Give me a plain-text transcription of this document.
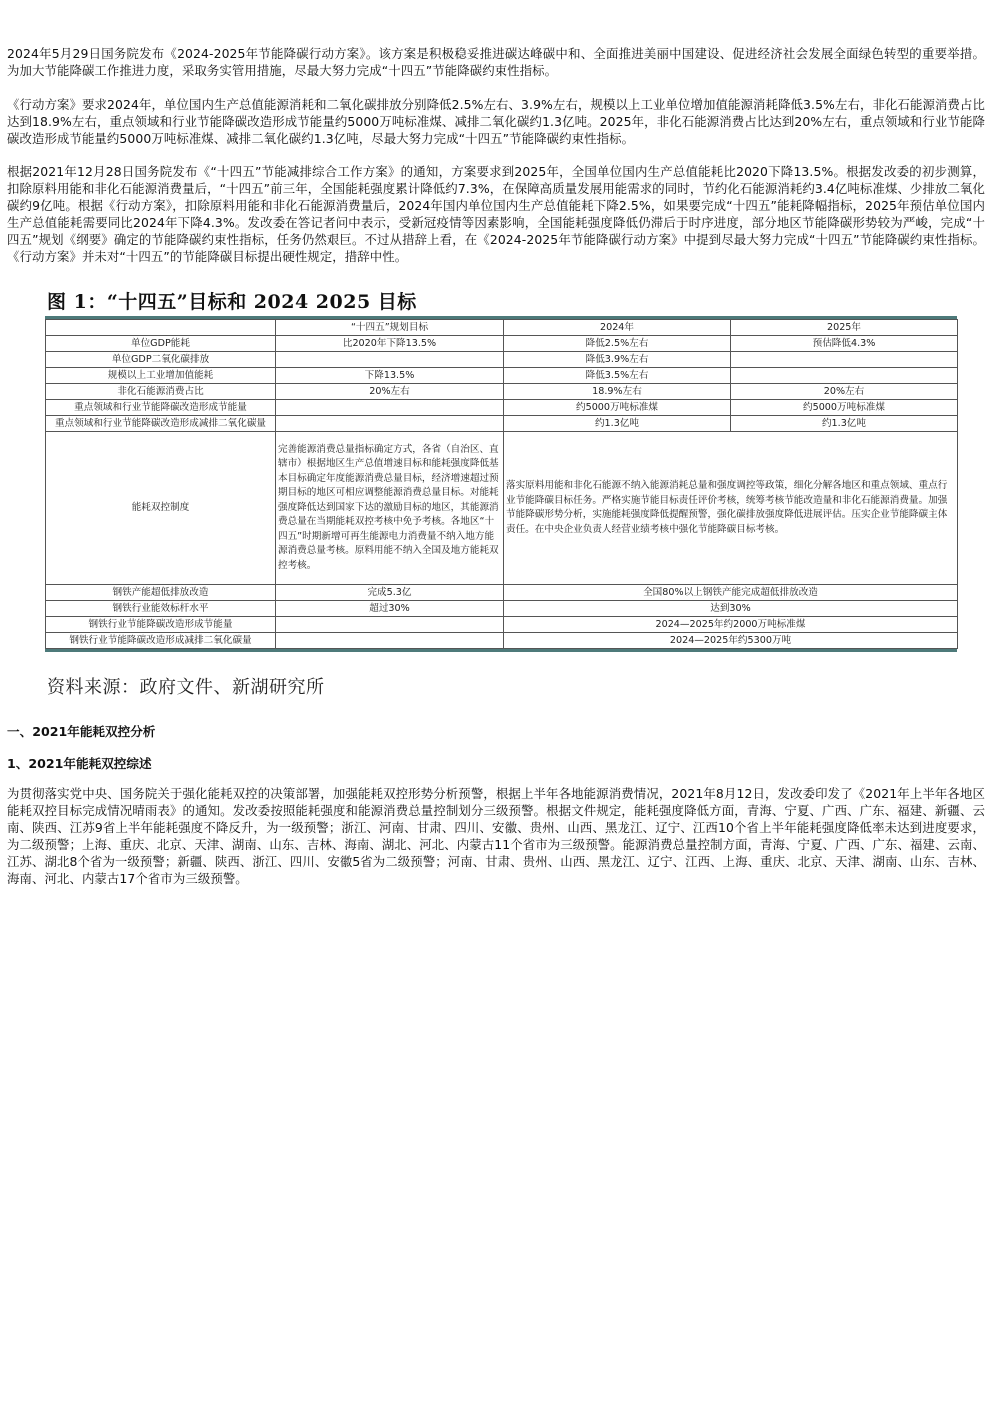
2024年5月29日国务院发布《2024-2025年节能降碳行动方案》。该方案是积极稳妥推进碳达峰碳中和、全面推进美丽中国建设、促进经济社会发展全面绿色转型的重要举措。为加大节能降碳工作推进力度，采取务实管用措施，尽最大努力完成“十四五”节能降碳约束性指标。

《行动方案》要求2024年，单位国内生产总值能源消耗和二氧化碳排放分别降低2.5%左右、3.9%左右，规模以上工业单位增加值能源消耗降低3.5%左右，非化石能源消费占比达到18.9%左右，重点领域和行业节能降碳改造形成节能量约5000万吨标准煤、减排二氧化碳约1.3亿吨。2025年，非化石能源消费占比达到20%左右，重点领域和行业节能降碳改造形成节能量约5000万吨标准煤、减排二氧化碳约1.3亿吨，尽最大努力完成“十四五”节能降碳约束性指标。

根据2021年12月28日国务院发布《“十四五”节能减排综合工作方案》的通知，方案要求到2025年，全国单位国内生产总值能耗比2020下降13.5%。根据发改委的初步测算，扣除原料用能和非化石能源消费量后，“十四五”前三年，全国能耗强度累计降低约7.3%，在保障高质量发展用能需求的同时，节约化石能源消耗约3.4亿吨标准煤、少排放二氧化碳约9亿吨。根据《行动方案》，扣除原料用能和非化石能源消费量后，2024年国内单位国内生产总值能耗下降2.5%，如果要完成“十四五”能耗降幅指标，2025年预估单位国内生产总值能耗需要同比2024年下降4.3%。发改委在答记者问中表示，受新冠疫情等因素影响，全国能耗强度降低仍滞后于时序进度，部分地区节能降碳形势较为严峻，完成“十四五”规划《纲要》确定的节能降碳约束性指标，任务仍然艰巨。不过从措辞上看，在《2024-2025年节能降碳行动方案》中提到尽最大努力完成“十四五”节能降碳约束性指标。《行动方案》并未对“十四五”的节能降碳目标提出硬性规定，措辞中性。

图 1：“十四五”目标和 2024 2025 目标
	“十四五”规划目标	2024年	2025年
单位GDP能耗	比2020年下降13.5%	降低2.5%左右	预估降低4.3%
单位GDP二氧化碳排放		降低3.9%左右	
规模以上工业增加值能耗	下降13.5%	降低3.5%左右	
非化石能源消费占比	20%左右	18.9%左右	20%左右
重点领域和行业节能降碳改造形成节能量		约5000万吨标准煤	约5000万吨标准煤
重点领域和行业节能降碳改造形成减排二氧化碳量		约1.3亿吨	约1.3亿吨
能耗双控制度	完善能源消费总量指标确定方式，各省（自治区、直辖市）根据地区生产总值增速目标和能耗强度降低基本目标确定年度能源消费总量目标，经济增速超过预期目标的地区可相应调整能源消费总量目标。对能耗强度降低达到国家下达的激励目标的地区，其能源消费总量在当期能耗双控考核中免予考核。各地区“十四五”时期新增可再生能源电力消费量不纳入地方能源消费总量考核。原料用能不纳入全国及地方能耗双控考核。	落实原料用能和非化石能源不纳入能源消耗总量和强度调控等政策，细化分解各地区和重点领域、重点行业节能降碳目标任务。严格实施节能目标责任评价考核，统筹考核节能改造量和非化石能源消费量。加强节能降碳形势分析，实施能耗强度降低提醒预警，强化碳排放强度降低进展评估。压实企业节能降碳主体责任。在中央企业负责人经营业绩考核中强化节能降碳目标考核。	
钢铁产能超低排放改造	完成5.3亿	全国80%以上钢铁产能完成超低排放改造	
钢铁行业能效标杆水平	超过30%	达到30%	
钢铁行业节能降碳改造形成节能量		2024—2025年约2000万吨标准煤	
钢铁行业节能降碳改造形成减排二氧化碳量		2024—2025年约5300万吨	
资料来源：政府文件、新湖研究所
一、2021年能耗双控分析
1、2021年能耗双控综述

为贯彻落实党中央、国务院关于强化能耗双控的决策部署，加强能耗双控形势分析预警，根据上半年各地能源消费情况，2021年8月12日，发改委印发了《2021年上半年各地区能耗双控目标完成情况晴雨表》的通知。发改委按照能耗强度和能源消费总量控制划分三级预警。根据文件规定，能耗强度降低方面，青海、宁夏、广西、广东、福建、新疆、云南、陕西、江苏9省上半年能耗强度不降反升，为一级预警；浙江、河南、甘肃、四川、安徽、贵州、山西、黑龙江、辽宁、江西10个省上半年能耗强度降低率未达到进度要求，为二级预警；上海、重庆、北京、天津、湖南、山东、吉林、海南、湖北、河北、内蒙古11个省市为三级预警。能源消费总量控制方面，青海、宁夏、广西、广东、福建、云南、江苏、湖北8个省为一级预警；新疆、陕西、浙江、四川、安徽5省为二级预警；河南、甘肃、贵州、山西、黑龙江、辽宁、江西、上海、重庆、北京、天津、湖南、山东、吉林、海南、河北、内蒙古17个省市为三级预警。
